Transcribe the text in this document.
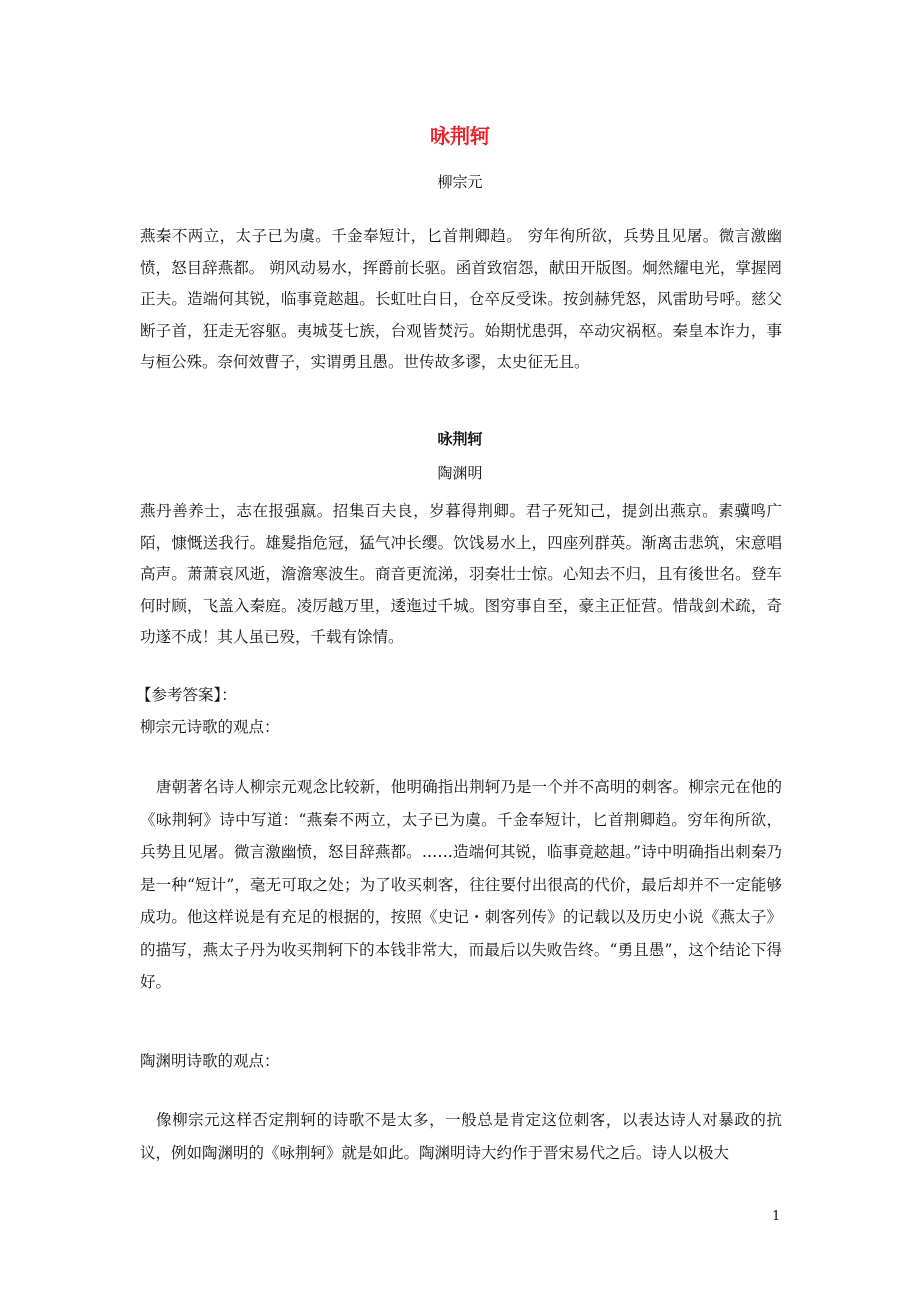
咏荆轲
柳宗元

燕秦不两立，太子已为虞。千金奉短计，匕首荆卿趋。 穷年徇所欲，兵势且见屠。微言激幽愤，怒目辞燕都。 朔风动易水，挥爵前长驱。函首致宿怨，献田开版图。炯然耀电光，掌握罔正夫。造端何其锐，临事竟趑趄。长虹吐白日，仓卒反受诛。按剑赫凭怒，风雷助号呼。慈父断子首，狂走无容躯。夷城芟七族，台观皆焚污。始期忧患弭，卒动灾祸枢。秦皇本诈力，事与桓公殊。奈何效曹子，实谓勇且愚。世传故多谬，太史征无且。

咏荆轲
陶渊明

燕丹善养士，志在报强嬴。招集百夫良，岁暮得荆卿。君子死知己，提剑出燕京。素骥鸣广陌，慷慨送我行。雄髮指危冠，猛气冲长缨。饮饯易水上，四座列群英。渐离击悲筑，宋意唱高声。萧萧哀风逝，澹澹寒波生。商音更流涕，羽奏壮士惊。心知去不归，且有後世名。登车何时顾，飞盖入秦庭。凌厉越万里，逶迤过千城。图穷事自至，豪主正怔营。惜哉剑术疏，奇功遂不成！其人虽已殁，千载有馀情。

【参考答案】：
柳宗元诗歌的观点：

唐朝著名诗人柳宗元观念比较新，他明确指出荆轲乃是一个并不高明的刺客。柳宗元在他的《咏荆轲》诗中写道：“燕秦不两立，太子已为虞。千金奉短计，匕首荆卿趋。穷年徇所欲，兵势且见屠。微言激幽愤，怒目辞燕都。……造端何其锐，临事竟趑趄。”诗中明确指出刺秦乃是一种“短计”，毫无可取之处；为了收买刺客，往往要付出很高的代价，最后却并不一定能够成功。他这样说是有充足的根据的，按照《史记・刺客列传》的记载以及历史小说《燕太子》的描写，燕太子丹为收买荆轲下的本钱非常大，而最后以失败告终。“勇且愚”，这个结论下得好。

陶渊明诗歌的观点：

像柳宗元这样否定荆轲的诗歌不是太多，一般总是肯定这位刺客，以表达诗人对暴政的抗议，例如陶渊明的《咏荆轲》就是如此。陶渊明诗大约作于晋宋易代之后。诗人以极大

1
